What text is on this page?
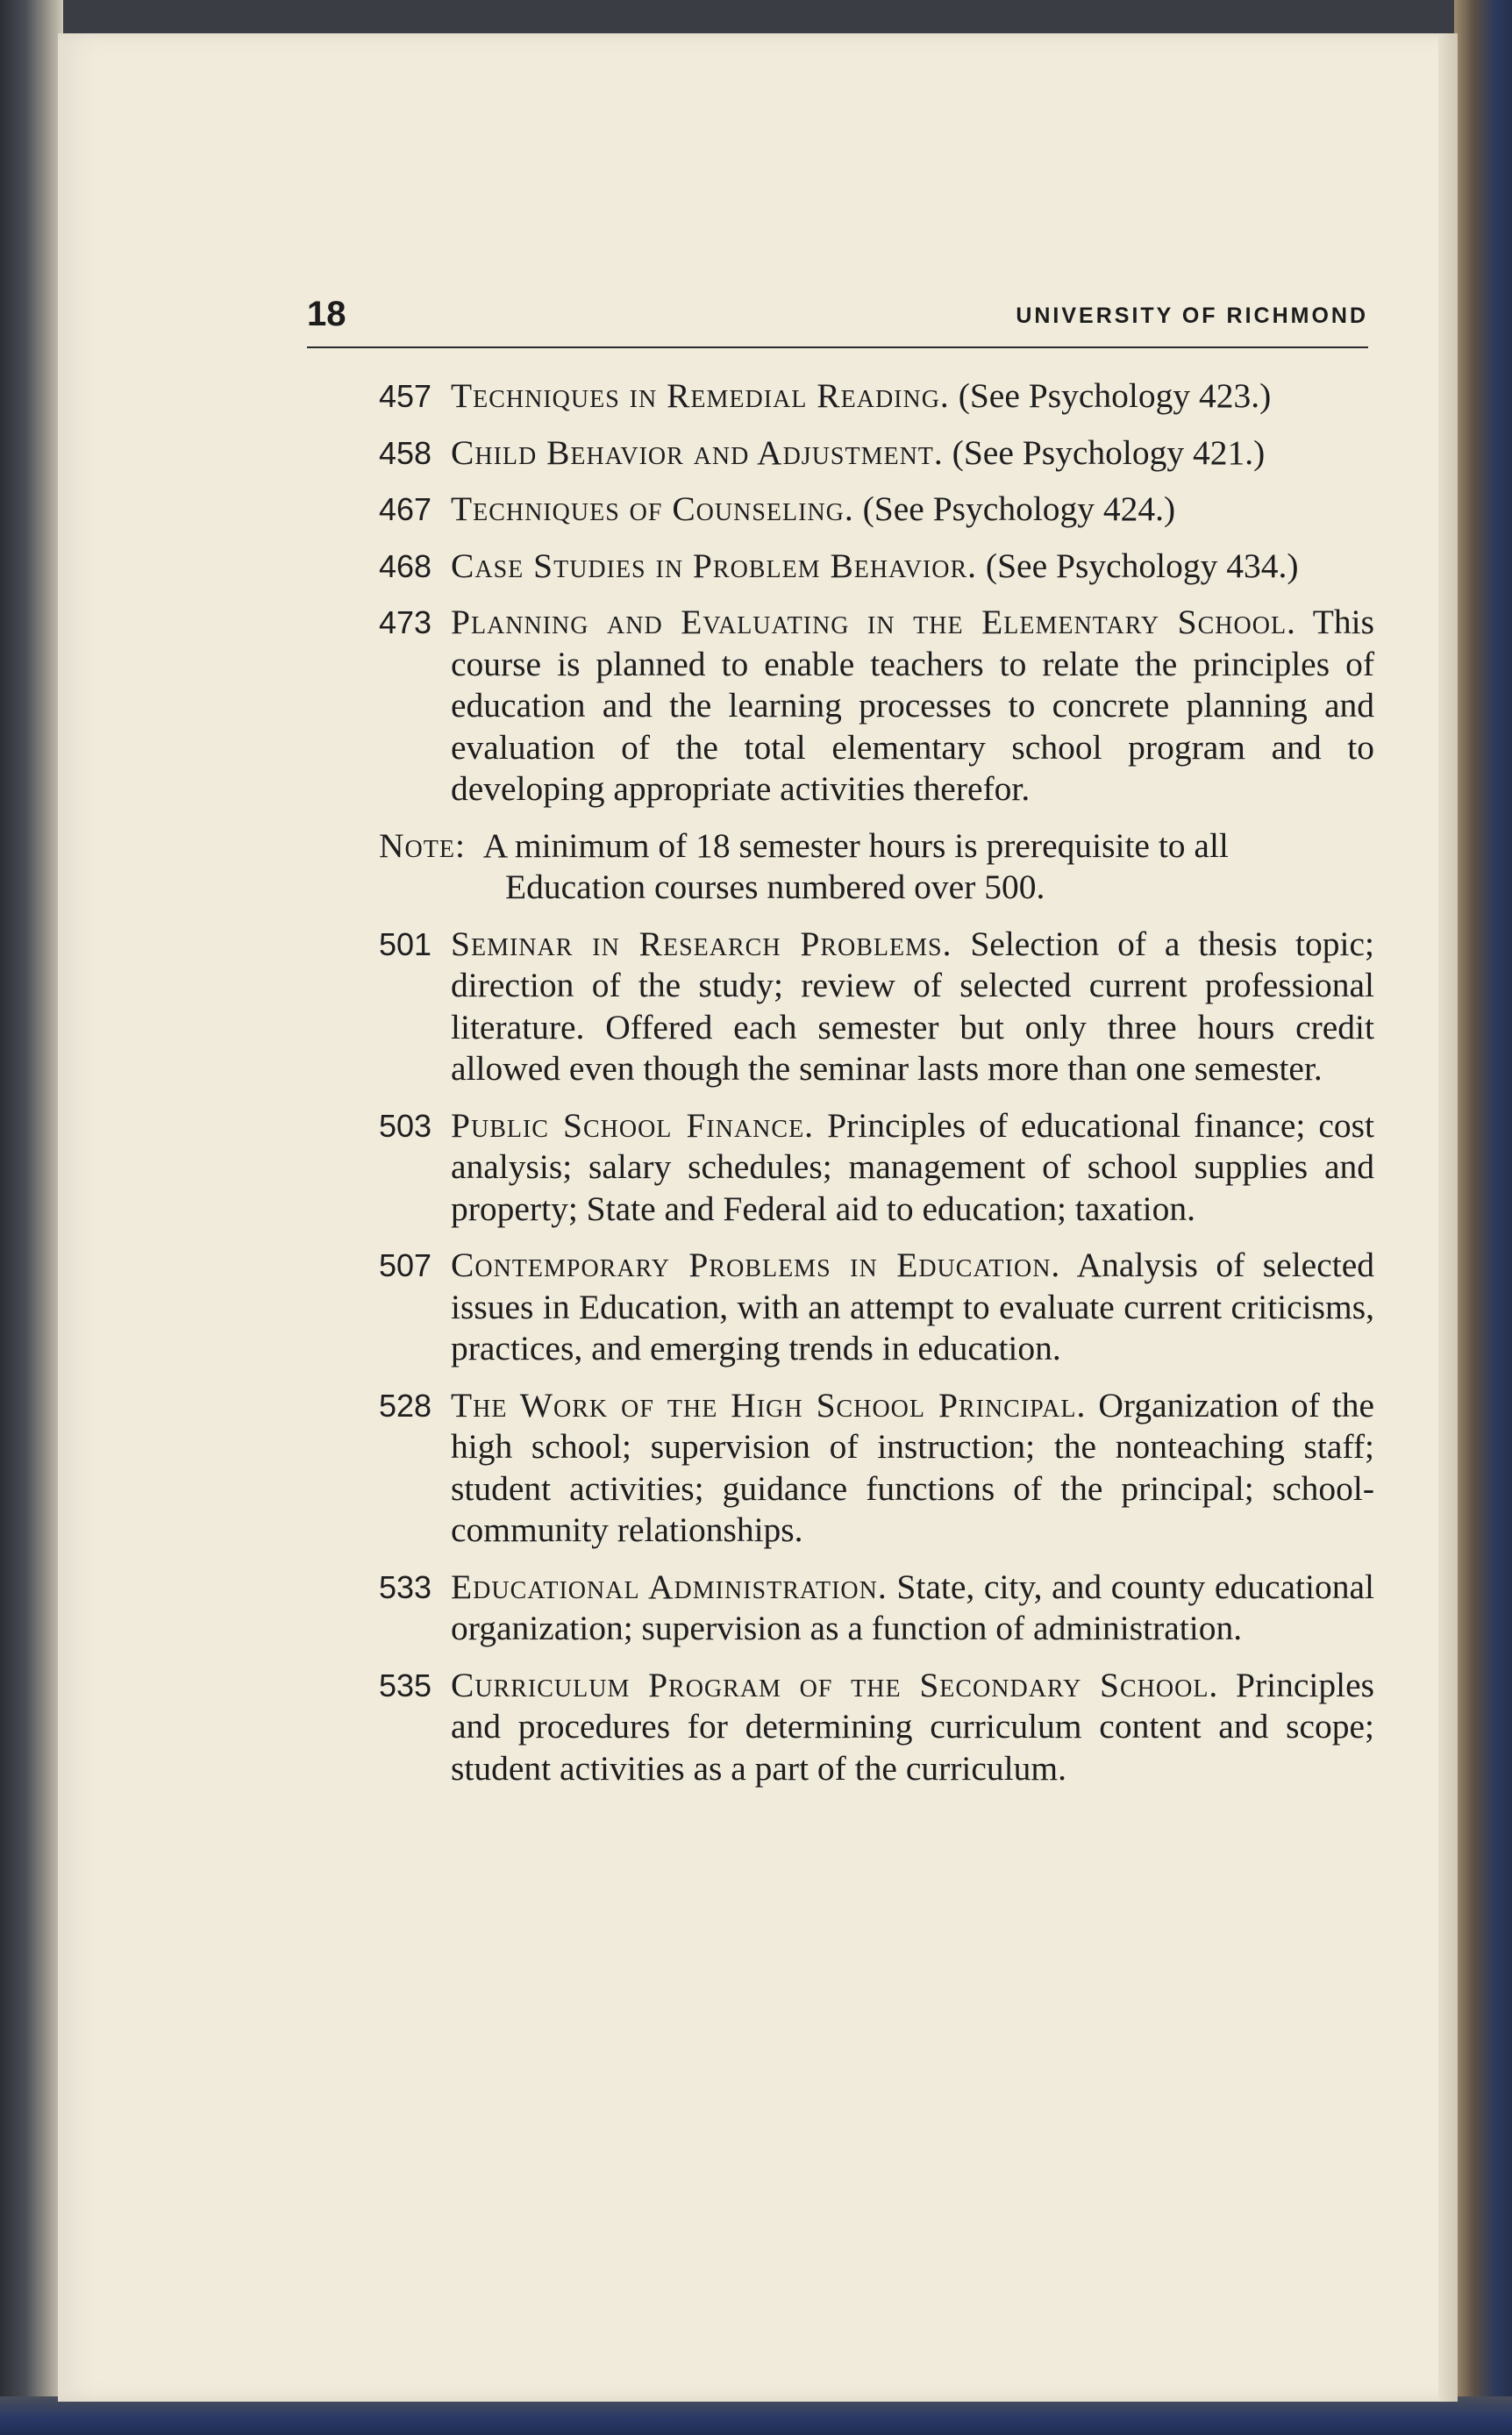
18	UNIVERSITY OF RICHMOND
457 Techniques in Remedial Reading. (See Psychology 423.)
458 Child Behavior and Adjustment. (See Psychology 421.)
467 Techniques of Counseling. (See Psychology 424.)
468 Case Studies in Problem Behavior. (See Psychology 434.)
473 Planning and Evaluating in the Elementary School. This course is planned to enable teachers to relate the principles of education and the learning processes to concrete planning and evaluation of the total elementary school program and to developing appropriate activities therefor.
Note: A minimum of 18 semester hours is prerequisite to all Education courses numbered over 500.
501 Seminar in Research Problems. Selection of a thesis topic; direction of the study; review of selected current professional literature. Offered each semester but only three hours credit allowed even though the seminar lasts more than one semester.
503 Public School Finance. Principles of educational finance; cost analysis; salary schedules; management of school supplies and property; State and Federal aid to education; taxation.
507 Contemporary Problems in Education. Analysis of selected issues in Education, with an attempt to evaluate current criticisms, practices, and emerging trends in education.
528 The Work of the High School Principal. Organization of the high school; supervision of instruction; the nonteaching staff; student activities; guidance functions of the principal; school-community relationships.
533 Educational Administration. State, city, and county educational organization; supervision as a function of administration.
535 Curriculum Program of the Secondary School. Principles and procedures for determining curriculum content and scope; student activities as a part of the curriculum.
